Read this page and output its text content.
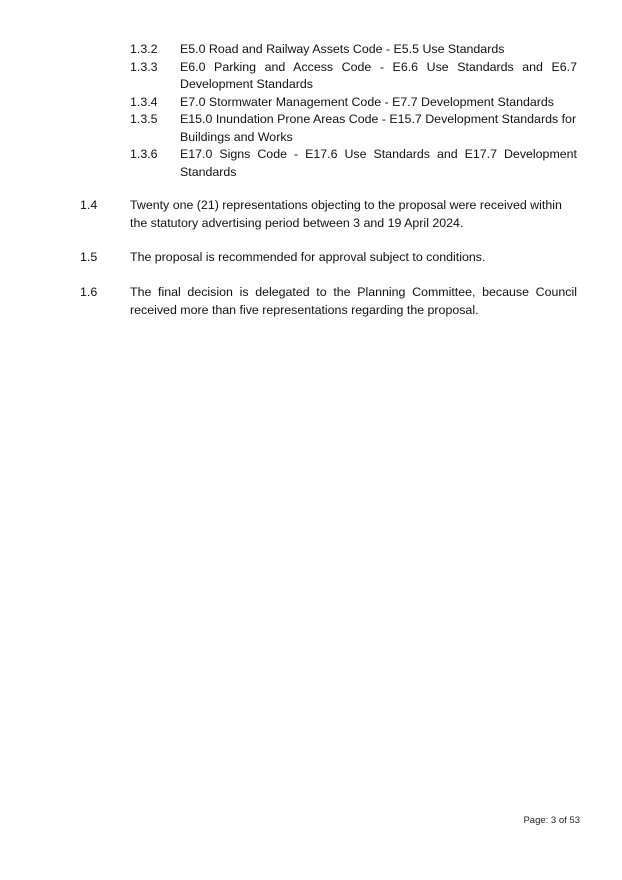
1.3.2	E5.0 Road and Railway Assets Code - E5.5 Use Standards
1.3.3	E6.0 Parking and Access Code - E6.6 Use Standards and E6.7 Development Standards
1.3.4	E7.0 Stormwater Management Code - E7.7 Development Standards
1.3.5	E15.0 Inundation Prone Areas Code - E15.7 Development Standards for Buildings and Works
1.3.6	E17.0 Signs Code - E17.6 Use Standards and E17.7 Development Standards
1.4	Twenty one (21) representations objecting to the proposal were received within the statutory advertising period between 3 and 19 April 2024.
1.5	The proposal is recommended for approval subject to conditions.
1.6	The final decision is delegated to the Planning Committee, because Council received more than five representations regarding the proposal.
Page: 3 of 53
